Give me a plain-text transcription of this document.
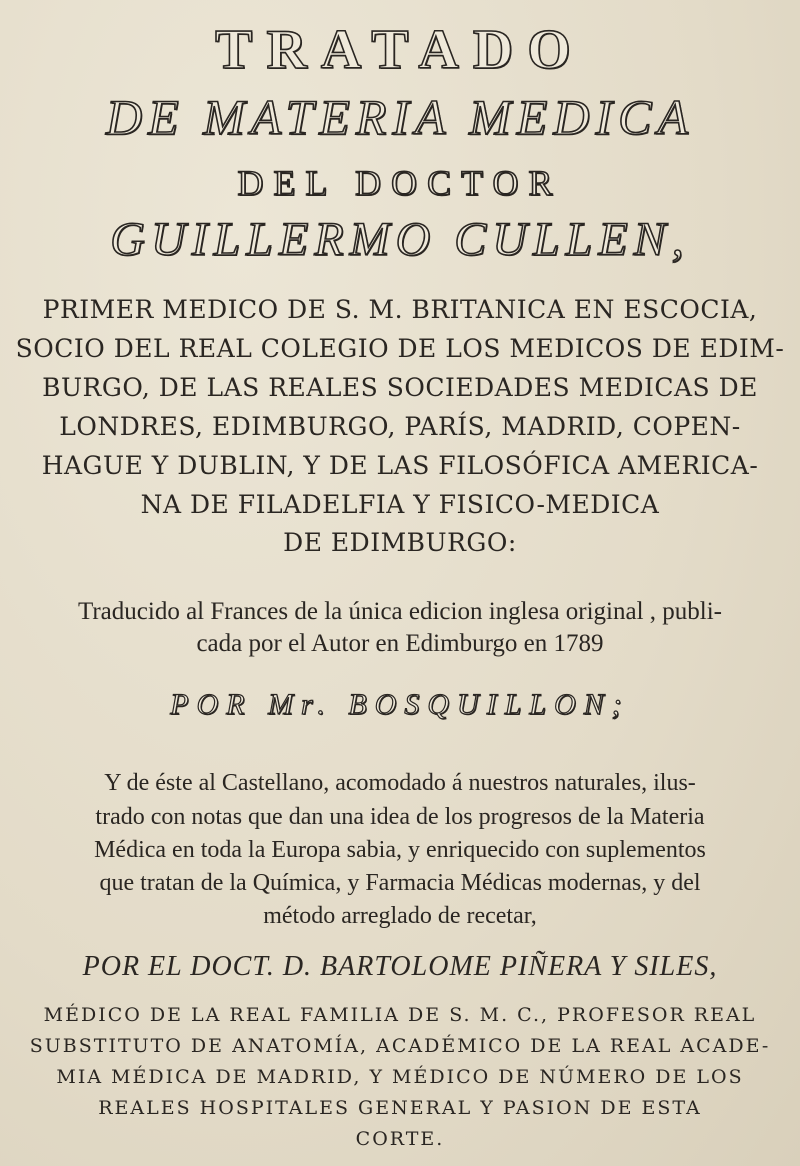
TRATADO
DE MATERIA MEDICA
DEL DOCTOR
GUILLERMO CULLEN,
PRIMER MEDICO DE S. M. BRITANICA EN ESCOCIA,
SOCIO DEL REAL COLEGIO DE LOS MEDICOS DE EDIM-
BURGO, DE LAS REALES SOCIEDADES MEDICAS DE
LONDRES, EDIMBURGO, PARÍS, MADRID, COPEN-
HAGUE Y DUBLIN, Y DE LAS FILOSÓFICA AMERICA-
NA DE FILADELFIA Y FISICO-MEDICA
DE EDIMBURGO:
Traducido al Frances de la única edicion inglesa original , publi-
cada por el Autor en Edimburgo en 1789
POR Mr. BOSQUILLON;
Y de éste al Castellano, acomodado á nuestros naturales, ilus-
trado con notas que dan una idea de los progresos de la Materia
Médica en toda la Europa sabia, y enriquecido con suplementos
que tratan de la Química, y Farmacia Médicas modernas, y del
método arreglado de recetar,
POR EL DOCT. D. BARTOLOME PIÑERA Y SILES,
MÉDICO DE LA REAL FAMILIA DE S. M. C., PROFESOR REAL
SUBSTITUTO DE ANATOMÍA, ACADÉMICO DE LA REAL ACADE-
MIA MÉDICA DE MADRID, Y MÉDICO DE NÚMERO DE LOS
REALES HOSPITALES GENERAL Y PASION DE ESTA
CORTE.
